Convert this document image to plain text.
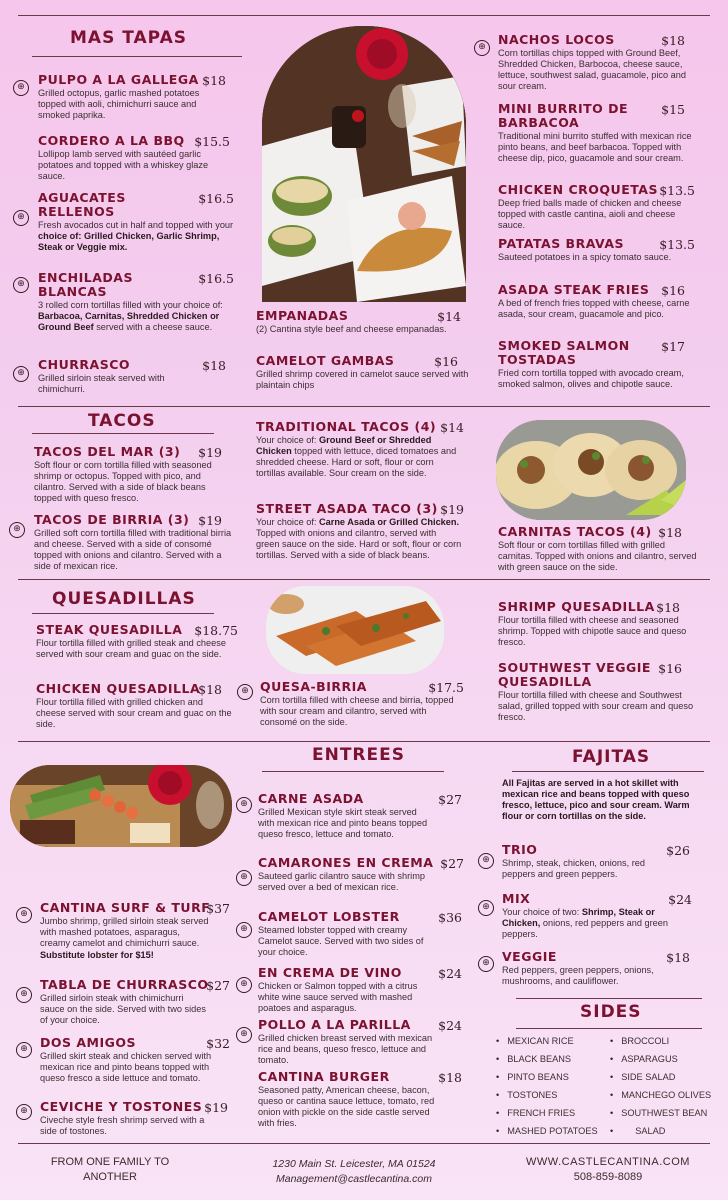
MAS TAPAS
⊕	PULPO A LA GALLEGA $18
Grilled octopus, garlic mashed potatoes topped with aoli, chimichurri sauce and smoked paprika.
CORDERO A LA BBQ $15.5
Lollipop lamb served with sautéed garlic potatoes and topped with a whiskey glaze sauce.
⊕
AGUACATES RELLENOS
$16.5
Fresh avocados cut in half and topped with your choice of: Grilled Chicken, Garlic Shrimp, Steak or Veggie mix.
⊕	ENCHILADAS BLANCAS
$16.5
3 rolled corn tortillas filled with your choice of: Barbacoa, Carnitas, Shredded Chicken or Ground Beef served with a cheese sauce.
⊕
CHURRASCO	$18
Grilled sirloin steak served with chimichurri.
EMPANADAS	$14
(2) Cantina style beef and cheese empanadas.
CAMELOT GAMBAS	$16
Grilled shrimp covered in camelot sauce served with plaintain chips
⊕ NACHOS LOCOS	$18
Corn tortillas chips topped with Ground Beef, Shredded Chicken, Barbocoa, cheese sauce, lettuce, southwest salad, guacamole, pico and sour cream.
MINI BURRITO DE BARBACOA
$15
Traditional mini burrito stuffed with mexican rice pinto beans, and beef barbacoa. Topped with cheese dip, pico, guacamole and sour cream.
CHICKEN CROQUETAS $13.5
Deep fried balls made of chicken and cheese topped with castle cantina, aioli and cheese sauce.
PATATAS BRAVAS	$13.5
Sauteed potatoes in a spicy tomato sauce.
ASADA STEAK FRIES $16
A bed of french fries topped with cheese, carne asada, sour cream, guacamole and pico.
SMOKED SALMON TOSTADAS
$17
Fried corn tortilla topped with avocado cream, smoked salmon, olives and chipotle sauce.
TACOS
TACOS DEL MAR (3)	$19
Soft flour or corn tortilla filled with seasoned shrimp or octopus. Topped with pico, and cilantro. Served with a side of black beans topped with queso fresco.
⊕
TACOS DE BIRRIA (3) $19
Grilled soft corn tortilla filled with traditional birria and cheese. Served with a side of consomé topped with onions and cilantro. Served with a side of mexican rice.
TRADITIONAL TACOS (4) $14
Your choice of: Ground Beef or Shredded Chicken topped with lettuce, diced tomatoes and shredded cheese. Hard or soft, flour or corn tortillas available. Sour cream on the side.
STREET ASADA TACO (3) $19
Your choice of: Carne Asada or Grilled Chicken. Topped with onions and cilantro, served with green sauce on the side. Hard or soft, flour or corn tortillas. Served with a side of black beans.
CARNITAS TACOS (4) $18
Soft flour or corn tortillas filled with grilled carnitas. Topped with onions and cilantro, served with green sauce on the side.
QUESADILLAS
STEAK QUESADILLA $18.75
Flour tortilla filled with grilled steak and cheese served with sour cream and guac on the side.
CHICKEN QUESADILLA
$18
Flour tortilla filled with grilled chicken and cheese served with sour cream and guac on the side.
⊕ QUESA-BIRRIA	$17.5
Corn tortilla filled with cheese and birria, topped with sour cream and cilantro, served with consomé on the side.
SHRIMP QUESADILLA $18
Flour tortilla filled with cheese and seasoned shrimp. Topped with chipotle sauce and queso fresco.
SOUTHWEST VEGGIE QUESADILLA
$16
Flour tortilla filled with cheese and Southwest salad, grilled topped with sour cream and queso fresco.
ENTREES
⊕ CANTINA SURF & TURF
$37
Jumbo shrimp, grilled sirloin steak served with mashed potatoes, asparagus, creamy camelot and chimichurri sauce.
Substitute lobster for $15!
⊕
TABLA DE CHURRASCO
$27
Grilled sirloin steak with chimichurri sauce on the side. Served with two sides of your choice.
⊕ DOS AMIGOS	$32
Grilled skirt steak and chicken served with mexican rice and pinto beans topped with queso fresco a side lettuce and tomato.
⊕ CEVICHE Y TOSTONES $19
Civeche style fresh shrimp served with a side of tostones.
⊕ CARNE ASADA	$27
Grilled Mexican style skirt steak served with mexican rice and pinto beans topped queso fresco, lettuce and tomato.
⊕
CAMARONES EN CREMA $27
Sauteed garlic cilantro sauce with shrimp served over a bed of mexican rice.
⊕
CAMELOT LOBSTER	$36
Steamed lobster topped with creamy Camelot sauce. Served with two sides of your choice.
⊕
EN CREMA DE VINO	$24
Chicken or Salmon topped with a citrus white wine sauce served with mashed poatoes and asparagus.
⊕
POLLO A LA PARILLA	$24
Grilled chicken breast served with mexican rice and beans, queso fresco, lettuce and tomato.
CANTINA BURGER	$18
Seasoned patty, American cheese, bacon, queso or cantina sauce lettuce, tomato, red onion with pickle on the side castle served with fries.
FAJITAS
All Fajitas are served in a hot skillet with mexican rice and beans topped with queso fresco, lettuce, pico and sour cream. Warm flour or corn tortillas on the side.
⊕
TRIO	$26
Shrimp, steak, chicken, onions, red peppers and green peppers.
⊕
MIX	$24
Your choice of two: Shrimp, Steak or Chicken, onions, red peppers and green peppers.
⊕ VEGGIE	$18
Red peppers, green peppers, onions, mushrooms, and cauliflower.
SIDES
• MEXICAN RICE
• BLACK BEANS
• PINTO BEANS
• TOSTONES
• FRENCH FRIES
• MASHED POTATOES
• BROCCOLI
• ASPARAGUS
• SIDE SALAD
• MANCHEGO OLIVES
• SOUTHWEST BEAN
• SALAD
FROM ONE FAMILY TO
ANOTHER
1230 Main St. Leicester, MA 01524
Management@castlecantina.com
WWW.CASTLECANTINA.COM
508-859-8089
